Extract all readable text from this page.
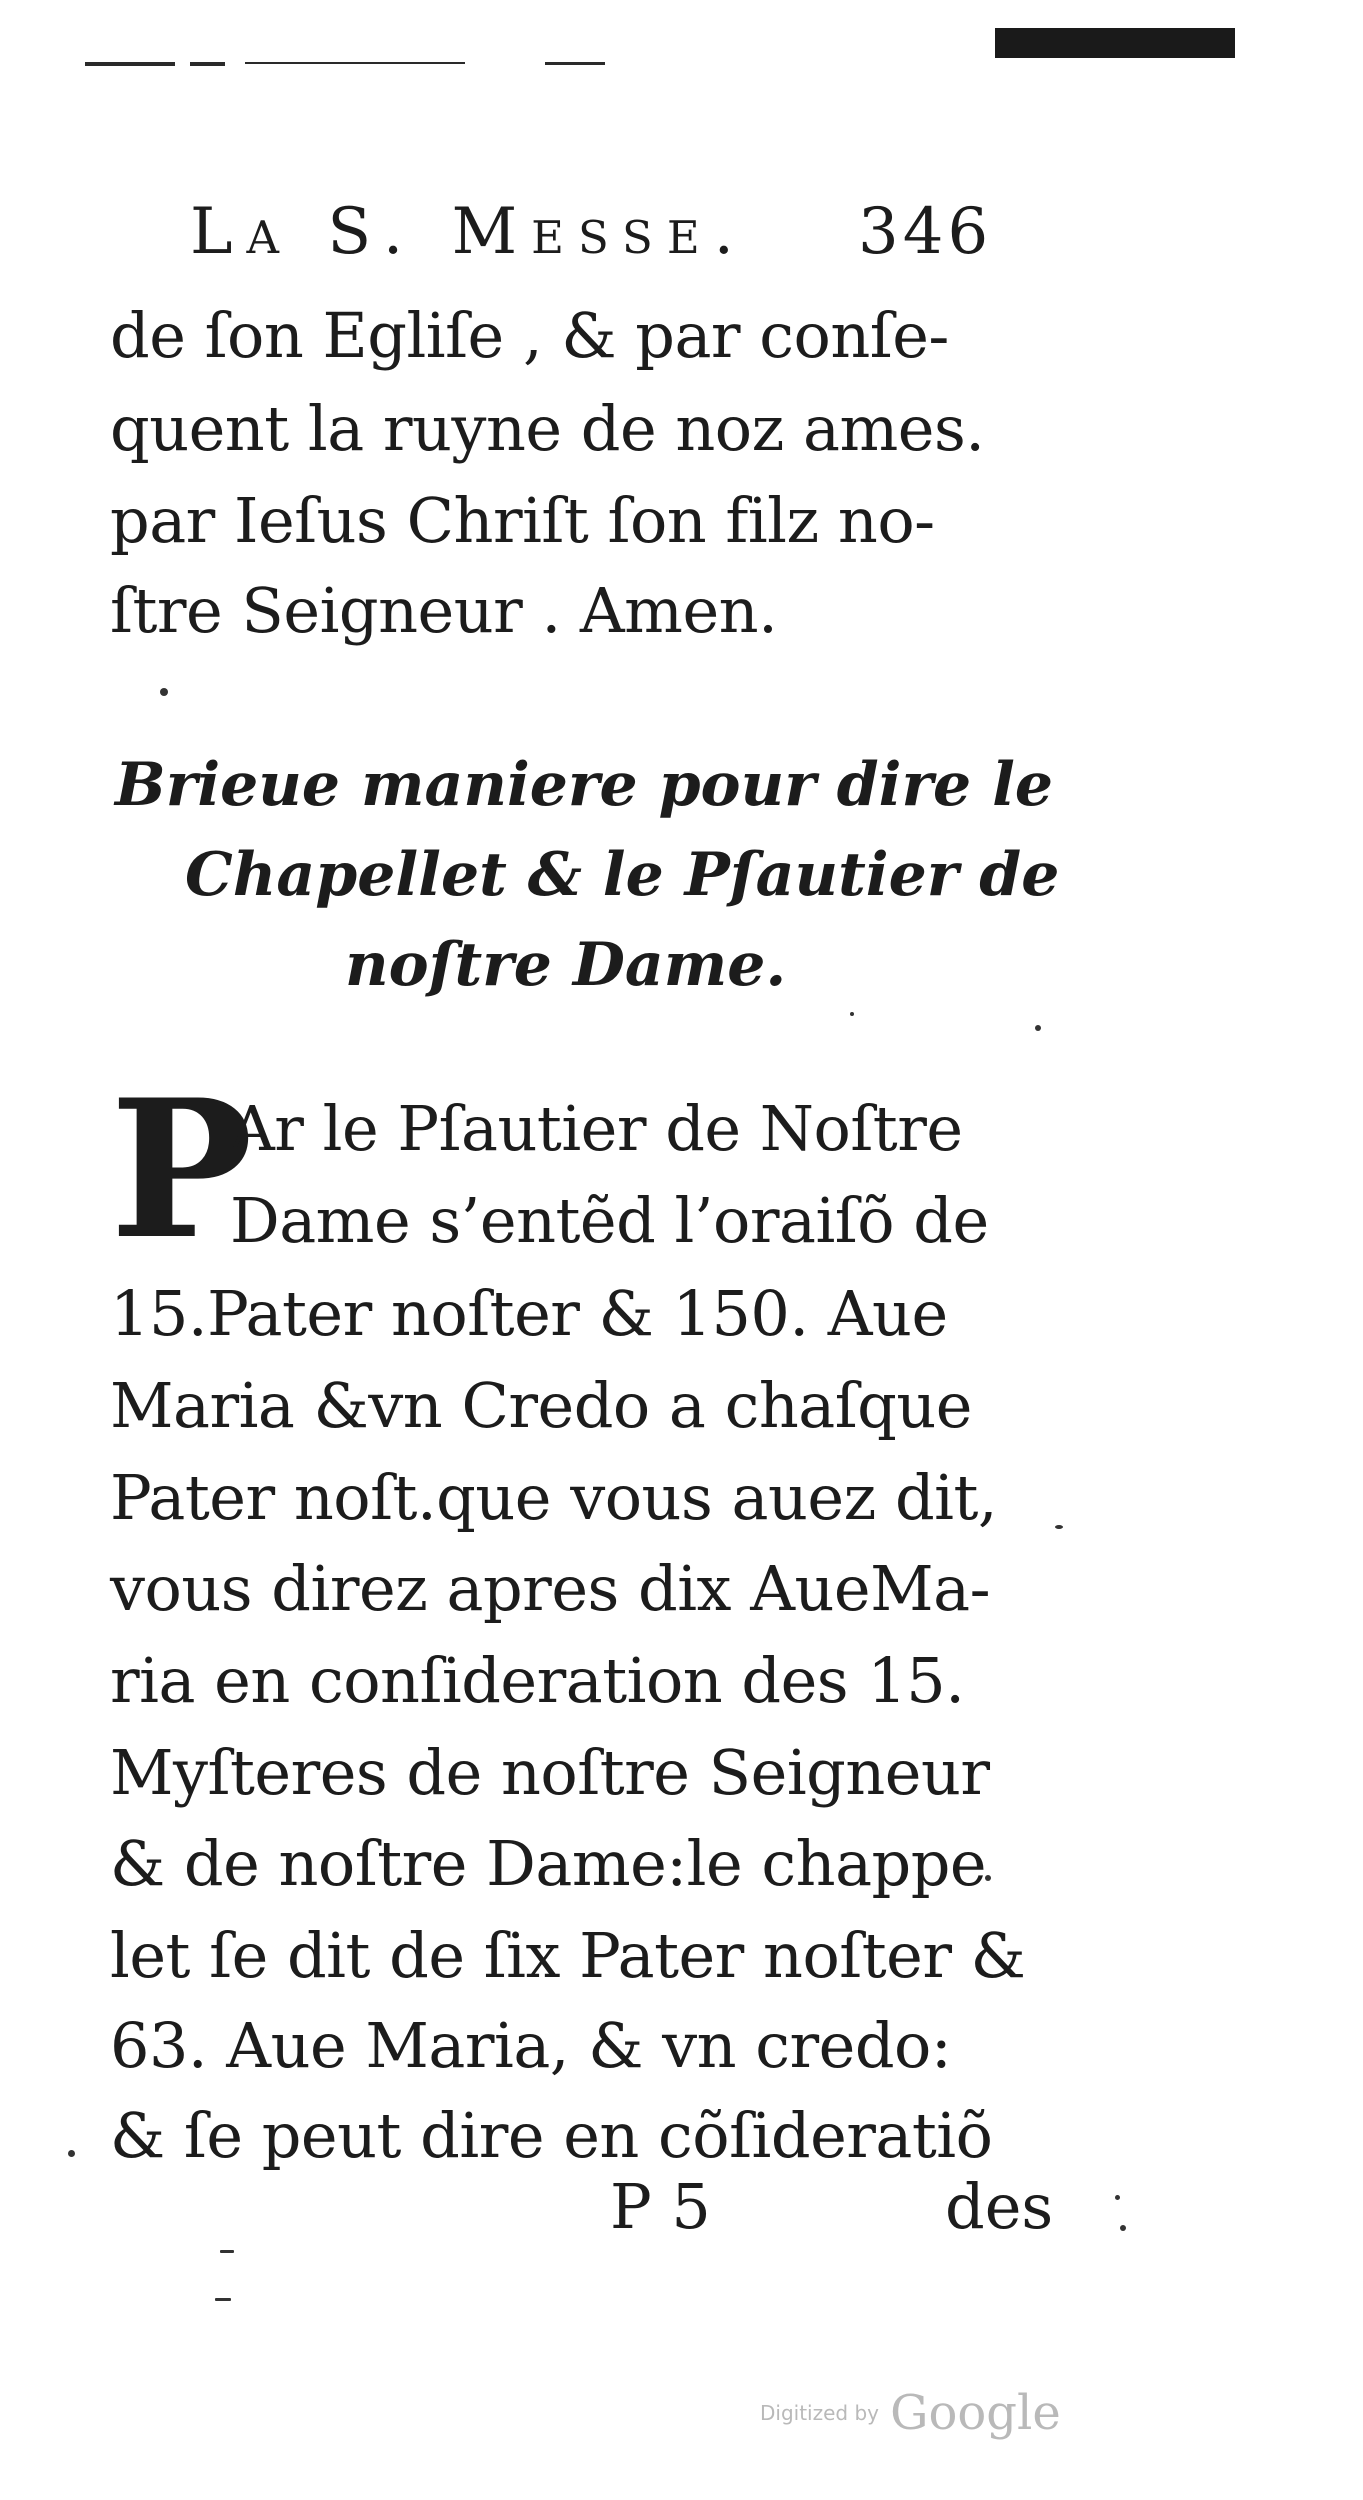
La S. Messe.	346
de ſon Egliſe , & par conſe-
quent la ruyne de noz ames.
par Ieſus Chriſt ſon filz no-
ſtre Seigneur . Amen.
Brieue maniere pour dire le
Chapellet & le Pſautier de
noſtre Dame.
P
Ar le Pſautier de Noſtre
Dame s’entẽd l’oraiſõ de
15.Pater noſter & 150. Aue
Maria &vn Credo a chaſque
Pater noſt.que vous auez dit,
vous direz apres dix AueMa-
ria en conſideration des 15.
Myſteres de noſtre Seigneur
& de noſtre Dame:le chappe
let ſe dit de ſix Pater noſter &
63. Aue Maria, & vn credo:
& ſe peut dire en cõſideratiõ
P 5	des
Digitized by Google
